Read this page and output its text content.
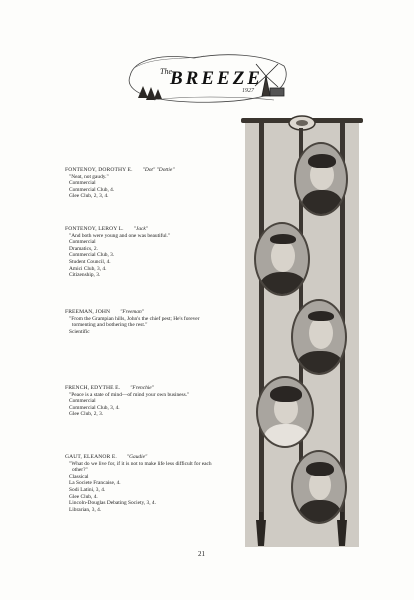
The
BREEZE
1927
FONTENOY, DOROTHY E. "Dot" "Dottie"
"Neat, not gaudy."
Commercial
Commercial Club, 4.
Glee Club, 2, 3, 4.
FONTENOY, LEROY L. "Jack"
"And both were young and one was beautiful."
Commercial
Dramatics, 2.
Commercial Club, 3.
Student Council, 4.
Amici Club, 3, 4.
Citizenship, 3.
FREEMAN, JOHN "Freeman"
"From the Grampian hills, John's the chief pest; He's forever tormenting and bothering the rest."
Scientific
FRENCH, EDYTHE E. "Frenchie"
"Peace is a state of mind—of mind your own business."
Commercial
Commercial Club, 3, 4.
Glee Club, 2, 3.
GAUT, ELEANOR E. "Gaudie"
"What do we live for, if it is not to make life less difficult for each other?"
Classical
La Societe Francaise, 4.
Sodi Latini, 3, 4.
Glee Club, 4.
Lincoln-Douglas Debating Society, 3, 4.
Librarian, 3, 4.
21
